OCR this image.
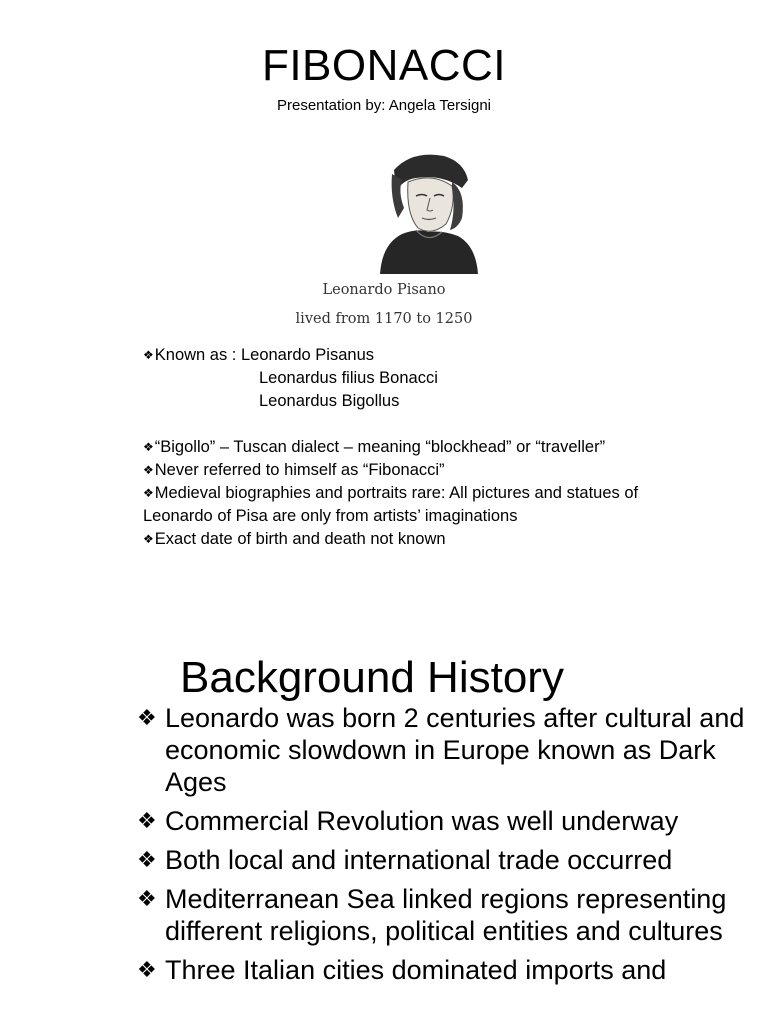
FIBONACCI
Presentation by: Angela Tersigni
Leonardo Pisano
lived from 1170 to 1250

❖Known as : Leonardo Pisanus

Leonardus filius Bonacci

Leonardus Bigollus

❖“Bigollo” – Tuscan dialect – meaning “blockhead” or “traveller”

❖Never referred to himself as “Fibonacci”

❖Medieval biographies and portraits rare: All pictures and statues of

Leonardo of Pisa are only from artists’ imaginations

❖Exact date of birth and death not known

Background History
❖ Leonardo was born 2 centuries after cultural and economic slowdown in Europe known as Dark Ages
❖ Commercial Revolution was well underway
❖ Both local and international trade occurred
❖ Mediterranean Sea linked regions representing different religions, political entities and cultures
❖ Three Italian cities dominated imports and
